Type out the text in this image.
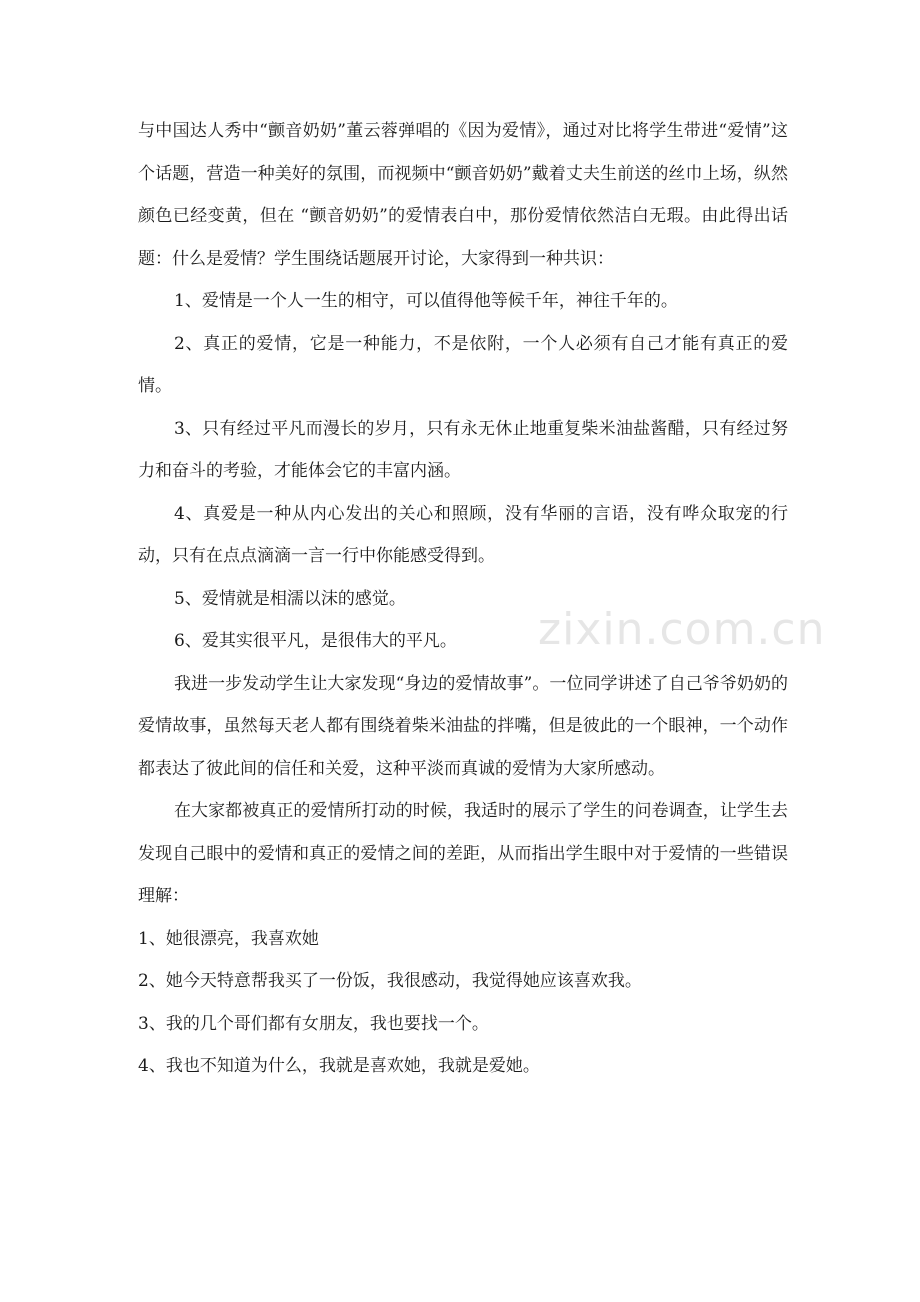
与中国达人秀中“颤音奶奶”董云蓉弹唱的《因为爱情》，通过对比将学生带进“爱情”这个话题，营造一种美好的氛围，而视频中“颤音奶奶”戴着丈夫生前送的丝巾上场，纵然颜色已经变黄，但在 “颤音奶奶”的爱情表白中，那份爱情依然洁白无瑕。由此得出话题：什么是爱情？学生围绕话题展开讨论，大家得到一种共识：

1、爱情是一个人一生的相守，可以值得他等候千年，神往千年的。

2、真正的爱情，它是一种能力，不是依附，一个人必须有自己才能有真正的爱情。

3、只有经过平凡而漫长的岁月，只有永无休止地重复柴米油盐酱醋，只有经过努力和奋斗的考验，才能体会它的丰富内涵。

4、真爱是一种从内心发出的关心和照顾，没有华丽的言语，没有哗众取宠的行动，只有在点点滴滴一言一行中你能感受得到。

5、爱情就是相濡以沫的感觉。

6、爱其实很平凡，是很伟大的平凡。

我进一步发动学生让大家发现“身边的爱情故事”。一位同学讲述了自己爷爷奶奶的爱情故事，虽然每天老人都有围绕着柴米油盐的拌嘴，但是彼此的一个眼神，一个动作都表达了彼此间的信任和关爱，这种平淡而真诚的爱情为大家所感动。

在大家都被真正的爱情所打动的时候，我适时的展示了学生的问卷调查，让学生去发现自己眼中的爱情和真正的爱情之间的差距，从而指出学生眼中对于爱情的一些错误理解：

1、她很漂亮，我喜欢她

2、她今天特意帮我买了一份饭，我很感动，我觉得她应该喜欢我。

3、我的几个哥们都有女朋友，我也要找一个。

4、我也不知道为什么，我就是喜欢她，我就是爱她。

zixin.com.cn
